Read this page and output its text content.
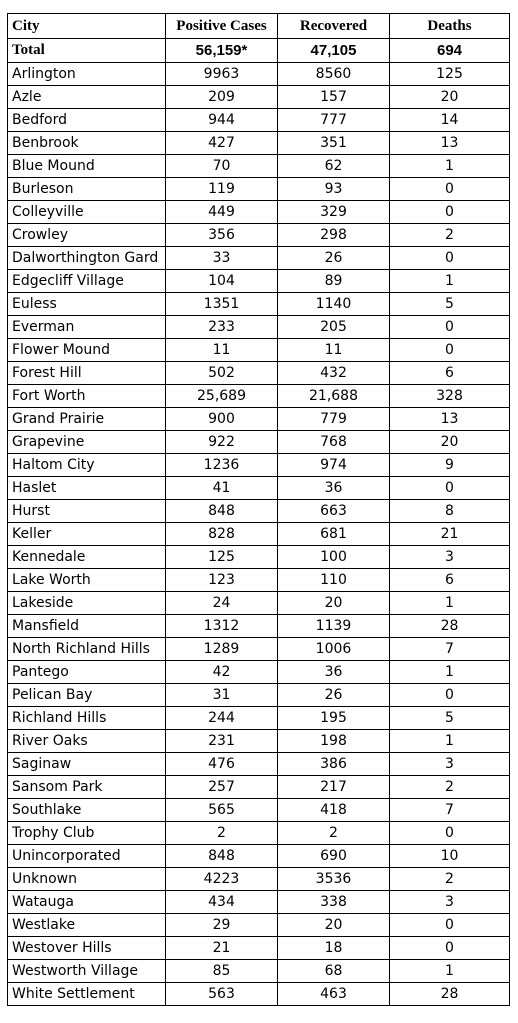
City	Positive Cases	Recovered	Deaths
Total	56,159*	47,105	694
Arlington	9963	8560	125
Azle	209	157	20
Bedford	944	777	14
Benbrook	427	351	13
Blue Mound	70	62	1
Burleson	119	93	0
Colleyville	449	329	0
Crowley	356	298	2
Dalworthington Gard	33	26	0
Edgecliff Village	104	89	1
Euless	1351	1140	5
Everman	233	205	0
Flower Mound	11	11	0
Forest Hill	502	432	6
Fort Worth	25,689	21,688	328
Grand Prairie	900	779	13
Grapevine	922	768	20
Haltom City	1236	974	9
Haslet	41	36	0
Hurst	848	663	8
Keller	828	681	21
Kennedale	125	100	3
Lake Worth	123	110	6
Lakeside	24	20	1
Mansfield	1312	1139	28
North Richland Hills	1289	1006	7
Pantego	42	36	1
Pelican Bay	31	26	0
Richland Hills	244	195	5
River Oaks	231	198	1
Saginaw	476	386	3
Sansom Park	257	217	2
Southlake	565	418	7
Trophy Club	2	2	0
Unincorporated	848	690	10
Unknown	4223	3536	2
Watauga	434	338	3
Westlake	29	20	0
Westover Hills	21	18	0
Westworth Village	85	68	1
White Settlement	563	463	28
